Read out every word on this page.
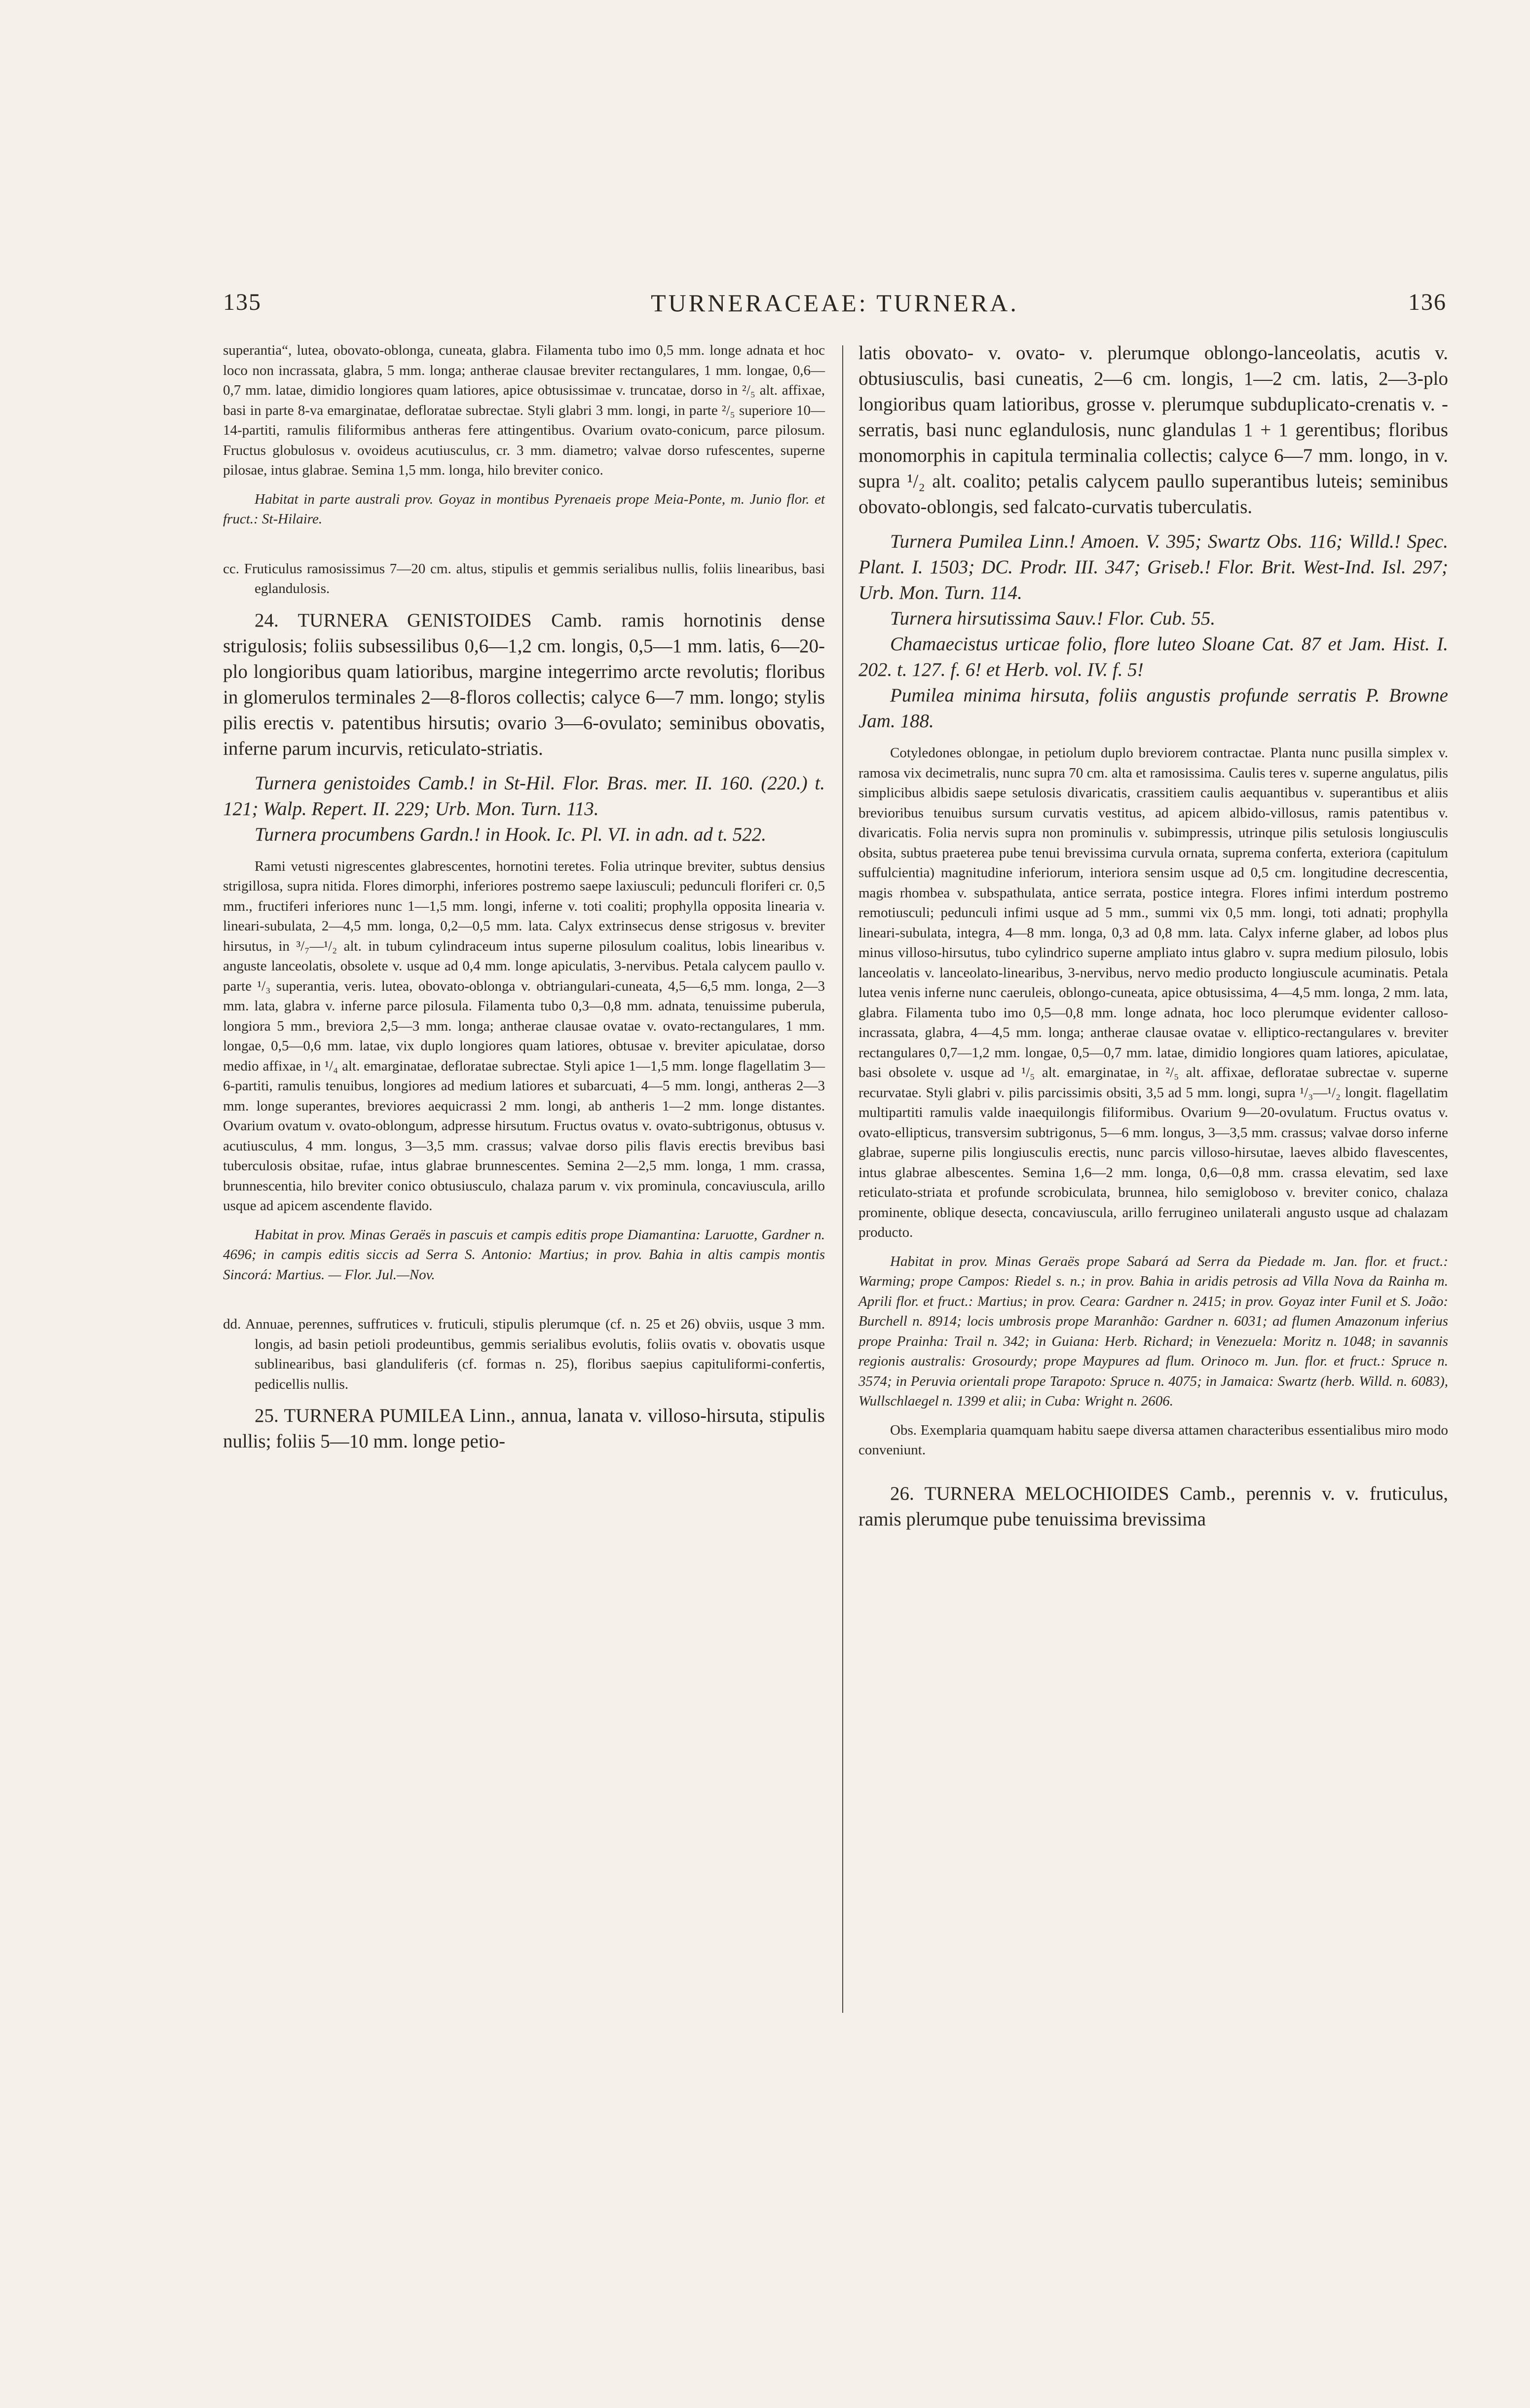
135	TURNERACEAE: TURNERA.	136

superantia“, lutea, obovato-oblonga, cuneata, glabra. Filamenta tubo imo 0,5 mm. longe adnata et hoc loco non incrassata, glabra, 5 mm. longa; antherae clausae breviter rectangulares, 1 mm. longae, 0,6—0,7 mm. latae, dimidio longiores quam latiores, apice obtusissimae v. truncatae, dorso in ²/₅ alt. affixae, basi in parte 8-va emarginatae, defloratae subrectae. Styli glabri 3 mm. longi, in parte ²/₅ superiore 10—14-partiti, ramulis filiformibus antheras fere attingentibus. Ovarium ovato-conicum, parce pilosum. Fructus globulosus v. ovoideus acutiusculus, cr. 3 mm. diametro; valvae dorso rufescentes, superne pilosae, intus glabrae. Semina 1,5 mm. longa, hilo breviter conico.

Habitat in parte australi prov. Goyaz in montibus Pyrenaeis prope Meia-Ponte, m. Junio flor. et fruct.: St-Hilaire.

cc. Fruticulus ramosissimus 7—20 cm. altus, stipulis et gemmis serialibus nullis, foliis linearibus, basi eglandulosis.

24. TURNERA GENISTOIDES Camb. ramis hornotinis dense strigulosis; foliis subsessilibus 0,6—1,2 cm. longis, 0,5—1 mm. latis, 6—20-plo longioribus quam latioribus, margine integerrimo arcte revolutis; floribus in glomerulos terminales 2—8-floros collectis; calyce 6—7 mm. longo; stylis pilis erectis v. patentibus hirsutis; ovario 3—6-ovulato; seminibus obovatis, inferne parum incurvis, reticulato-striatis.

Turnera genistoides Camb.! in St-Hil. Flor. Bras. mer. II. 160. (220.) t. 121; Walp. Repert. II. 229; Urb. Mon. Turn. 113.

Turnera procumbens Gardn.! in Hook. Ic. Pl. VI. in adn. ad t. 522.

Rami vetusti nigrescentes glabrescentes, hornotini teretes. Folia utrinque breviter, subtus densius strigillosa, supra nitida. Flores dimorphi, inferiores postremo saepe laxiusculi; pedunculi floriferi cr. 0,5 mm., fructiferi inferiores nunc 1—1,5 mm. longi, inferne v. toti coaliti; prophylla opposita linearia v. lineari-subulata, 2—4,5 mm. longa, 0,2—0,5 mm. lata. Calyx extrinsecus dense strigosus v. breviter hirsutus, in ³/₇—¹/₂ alt. in tubum cylindraceum intus superne pilosulum coalitus, lobis linearibus v. anguste lanceolatis, obsolete v. usque ad 0,4 mm. longe apiculatis, 3-nervibus. Petala calycem paullo v. parte ¹/₃ superantia, veris. lutea, obovato-oblonga v. obtriangulari-cuneata, 4,5—6,5 mm. longa, 2—3 mm. lata, glabra v. inferne parce pilosula. Filamenta tubo 0,3—0,8 mm. adnata, tenuissime puberula, longiora 5 mm., breviora 2,5—3 mm. longa; antherae clausae ovatae v. ovato-rectangulares, 1 mm. longae, 0,5—0,6 mm. latae, vix duplo longiores quam latiores, obtusae v. breviter apiculatae, dorso medio affixae, in ¹/₄ alt. emarginatae, defloratae subrectae. Styli apice 1—1,5 mm. longe flagellatim 3—6-partiti, ramulis tenuibus, longiores ad medium latiores et subarcuati, 4—5 mm. longi, antheras 2—3 mm. longe superantes, breviores aequicrassi 2 mm. longi, ab antheris 1—2 mm. longe distantes. Ovarium ovatum v. ovato-oblongum, adpresse hirsutum. Fructus ovatus v. ovato-subtrigonus, obtusus v. acutiusculus, 4 mm. longus, 3—3,5 mm. crassus; valvae dorso pilis flavis erectis brevibus basi tuberculosis obsitae, rufae, intus glabrae brunnescentes. Semina 2—2,5 mm. longa, 1 mm. crassa, brunnescentia, hilo breviter conico obtusiusculo, chalaza parum v. vix prominula, concaviuscula, arillo usque ad apicem ascendente flavido.

Habitat in prov. Minas Geraës in pascuis et campis editis prope Diamantina: Laruotte, Gardner n. 4696; in campis editis siccis ad Serra S. Antonio: Martius; in prov. Bahia in altis campis montis Sincorá: Martius. — Flor. Jul.—Nov.

dd. Annuae, perennes, suffrutices v. fruticuli, stipulis plerumque (cf. n. 25 et 26) obviis, usque 3 mm. longis, ad basin petioli prodeuntibus, gemmis serialibus evolutis, foliis ovatis v. obovatis usque sublinearibus, basi glanduliferis (cf. formas n. 25), floribus saepius capituliformi-confertis, pedicellis nullis.

25. TURNERA PUMILEA Linn., annua, lanata v. villoso-hirsuta, stipulis nullis; foliis 5—10 mm. longe petio-

latis obovato- v. ovato- v. plerumque oblongo-lanceolatis, acutis v. obtusiusculis, basi cuneatis, 2—6 cm. longis, 1—2 cm. latis, 2—3-plo longioribus quam latioribus, grosse v. plerumque subduplicato-crenatis v. -serratis, basi nunc eglandulosis, nunc glandulas 1 + 1 gerentibus; floribus monomorphis in capitula terminalia collectis; calyce 6—7 mm. longo, in v. supra ¹/₂ alt. coalito; petalis calycem paullo superantibus luteis; seminibus obovato-oblongis, sed falcato-curvatis tuberculatis.

Turnera Pumilea Linn.! Amoen. V. 395; Swartz Obs. 116; Willd.! Spec. Plant. I. 1503; DC. Prodr. III. 347; Griseb.! Flor. Brit. West-Ind. Isl. 297; Urb. Mon. Turn. 114.

Turnera hirsutissima Sauv.! Flor. Cub. 55.

Chamaecistus urticae folio, flore luteo Sloane Cat. 87 et Jam. Hist. I. 202. t. 127. f. 6! et Herb. vol. IV. f. 5!

Pumilea minima hirsuta, foliis angustis profunde serratis P. Browne Jam. 188.

Cotyledones oblongae, in petiolum duplo breviorem contractae. Planta nunc pusilla simplex v. ramosa vix decimetralis, nunc supra 70 cm. alta et ramosissima. Caulis teres v. superne angulatus, pilis simplicibus albidis saepe setulosis divaricatis, crassitiem caulis aequantibus v. superantibus et aliis brevioribus tenuibus sursum curvatis vestitus, ad apicem albido-villosus, ramis patentibus v. divaricatis. Folia nervis supra non prominulis v. subimpressis, utrinque pilis setulosis longiusculis obsita, subtus praeterea pube tenui brevissima curvula ornata, suprema conferta, exteriora (capitulum suffulcientia) magnitudine inferiorum, interiora sensim usque ad 0,5 cm. longitudine decrescentia, magis rhombea v. subspathulata, antice serrata, postice integra. Flores infimi interdum postremo remotiusculi; pedunculi infimi usque ad 5 mm., summi vix 0,5 mm. longi, toti adnati; prophylla lineari-subulata, integra, 4—8 mm. longa, 0,3 ad 0,8 mm. lata. Calyx inferne glaber, ad lobos plus minus villoso-hirsutus, tubo cylindrico superne ampliato intus glabro v. supra medium pilosulo, lobis lanceolatis v. lanceolato-linearibus, 3-nervibus, nervo medio producto longiuscule acuminatis. Petala lutea venis inferne nunc caeruleis, oblongo-cuneata, apice obtusissima, 4—4,5 mm. longa, 2 mm. lata, glabra. Filamenta tubo imo 0,5—0,8 mm. longe adnata, hoc loco plerumque evidenter calloso-incrassata, glabra, 4—4,5 mm. longa; antherae clausae ovatae v. elliptico-rectangulares v. breviter rectangulares 0,7—1,2 mm. longae, 0,5—0,7 mm. latae, dimidio longiores quam latiores, apiculatae, basi obsolete v. usque ad ¹/₅ alt. emarginatae, in ²/₅ alt. affixae, defloratae subrectae v. superne recurvatae. Styli glabri v. pilis parcissimis obsiti, 3,5 ad 5 mm. longi, supra ¹/₃—¹/₂ longit. flagellatim multipartiti ramulis valde inaequilongis filiformibus. Ovarium 9—20-ovulatum. Fructus ovatus v. ovato-ellipticus, transversim subtrigonus, 5—6 mm. longus, 3—3,5 mm. crassus; valvae dorso inferne glabrae, superne pilis longiusculis erectis, nunc parcis villoso-hirsutae, laeves albido flavescentes, intus glabrae albescentes. Semina 1,6—2 mm. longa, 0,6—0,8 mm. crassa elevatim, sed laxe reticulato-striata et profunde scrobiculata, brunnea, hilo semigloboso v. breviter conico, chalaza prominente, oblique desecta, concaviuscula, arillo ferrugineo unilaterali angusto usque ad chalazam producto.

Habitat in prov. Minas Geraës prope Sabará ad Serra da Piedade m. Jan. flor. et fruct.: Warming; prope Campos: Riedel s. n.; in prov. Bahia in aridis petrosis ad Villa Nova da Rainha m. Aprili flor. et fruct.: Martius; in prov. Ceara: Gardner n. 2415; in prov. Goyaz inter Funil et S. João: Burchell n. 8914; locis umbrosis prope Maranhão: Gardner n. 6031; ad flumen Amazonum inferius prope Prainha: Trail n. 342; in Guiana: Herb. Richard; in Venezuela: Moritz n. 1048; in savannis regionis australis: Grosourdy; prope Maypures ad flum. Orinoco m. Jun. flor. et fruct.: Spruce n. 3574; in Peruvia orientali prope Tarapoto: Spruce n. 4075; in Jamaica: Swartz (herb. Willd. n. 6083), Wullschlaegel n. 1399 et alii; in Cuba: Wright n. 2606.

Obs. Exemplaria quamquam habitu saepe diversa attamen characteribus essentialibus miro modo conveniunt.

26. TURNERA MELOCHIOIDES Camb., perennis v. v. fruticulus, ramis plerumque pube tenuissima brevissima
